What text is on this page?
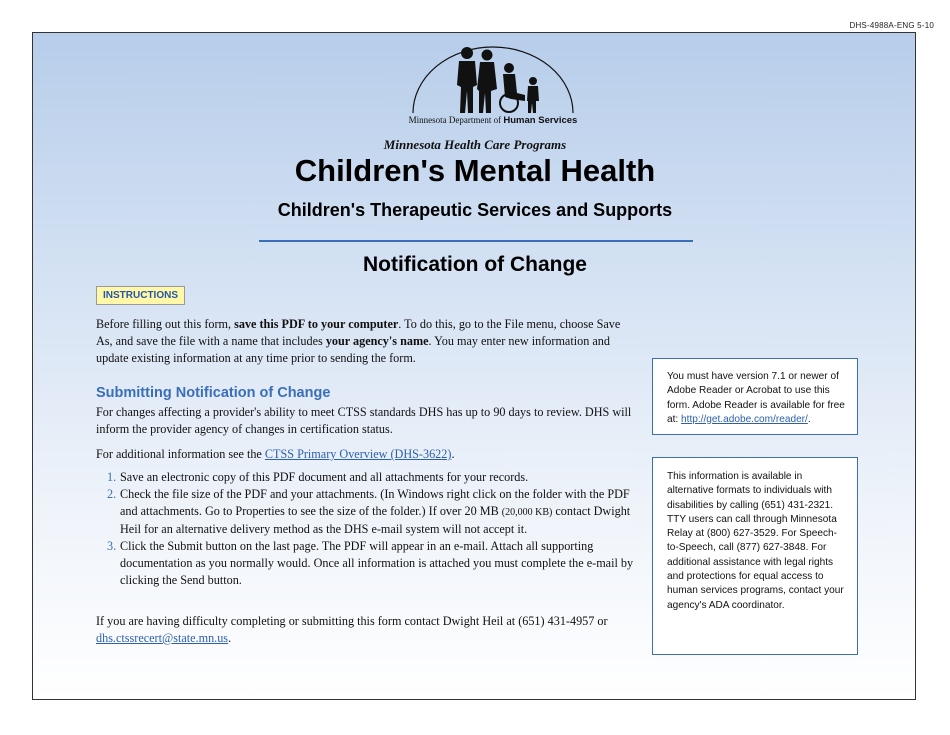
DHS-4988A-ENG 5-10
Minnesota Department of Human Services
Minnesota Health Care Programs
Children's Mental Health
Children's Therapeutic Services and Supports
Notification of Change
INSTRUCTIONS
Before filling out this form, save this PDF to your computer. To do this, go to the File menu, choose Save As, and save the file with a name that includes your agency's name. You may enter new information and update existing information at any time prior to sending the form.
Submitting Notification of Change
For changes affecting a provider's ability to meet CTSS standards DHS has up to 90 days to review. DHS will inform the provider agency of changes in certification status.
For additional information see the CTSS Primary Overview (DHS-3622).
1. Save an electronic copy of this PDF document and all attachments for your records.
2. Check the file size of the PDF and your attachments. (In Windows right click on the folder with the PDF and attachments. Go to Properties to see the size of the folder.) If over 20 MB (20,000 KB) contact Dwight Heil for an alternative delivery method as the DHS e-mail system will not accept it.
3. Click the Submit button on the last page. The PDF will appear in an e-mail. Attach all supporting documentation as you normally would. Once all information is attached you must complete the e-mail by clicking the Send button.
If you are having difficulty completing or submitting this form contact Dwight Heil at (651) 431-4957 or dhs.ctssrecert@state.mn.us.
You must have version 7.1 or newer of Adobe Reader or Acrobat to use this form. Adobe Reader is available for free at: http://get.adobe.com/reader/.
This information is available in alternative formats to individuals with disabilities by calling (651) 431-2321. TTY users can call through Minnesota Relay at (800) 627-3529. For Speech-to-Speech, call (877) 627-3848. For additional assistance with legal rights and protections for equal access to human services programs, contact your agency's ADA coordinator.
